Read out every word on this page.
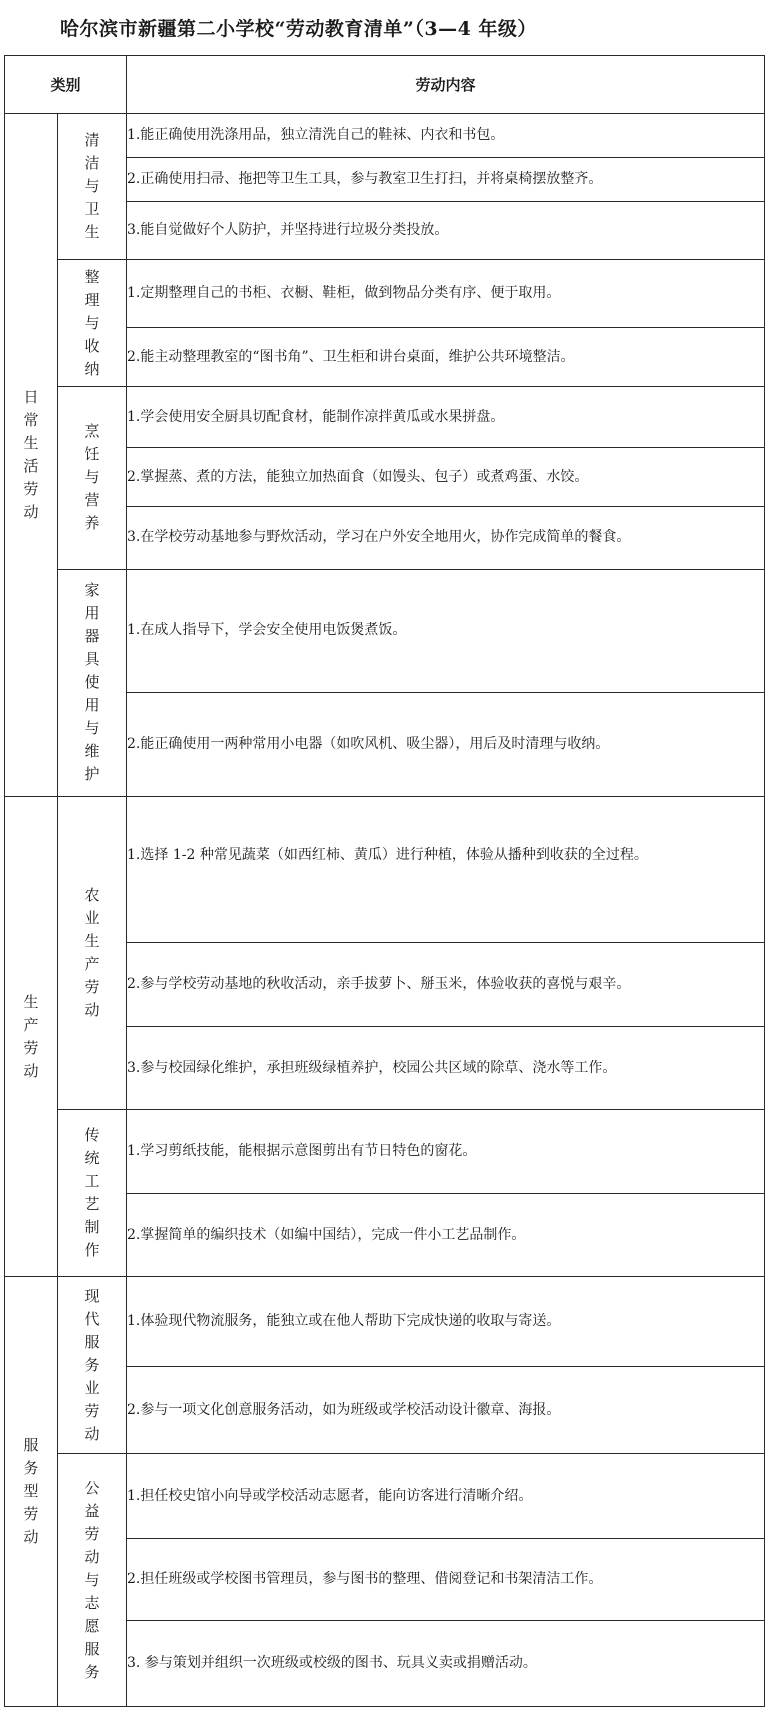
哈尔滨市新疆第二小学校“劳动教育清单”（3—4 年级）
类别		劳动内容
日常生活劳动	清洁与卫生	1.能正确使用洗涤用品，独立清洗自己的鞋袜、内衣和书包。
		2.正确使用扫帚、拖把等卫生工具，参与教室卫生打扫，并将桌椅摆放整齐。
		3.能自觉做好个人防护，并坚持进行垃圾分类投放。
	整理与收纳	1.定期整理自己的书柜、衣橱、鞋柜，做到物品分类有序、便于取用。
		2.能主动整理教室的“图书角”、卫生柜和讲台桌面，维护公共环境整洁。
	烹饪与营养	1.学会使用安全厨具切配食材，能制作凉拌黄瓜或水果拼盘。
		2.掌握蒸、煮的方法，能独立加热面食（如馒头、包子）或煮鸡蛋、水饺。
		3.在学校劳动基地参与野炊活动，学习在户外安全地用火，协作完成简单的餐食。
	家用器具使用与维护	1.在成人指导下，学会安全使用电饭煲煮饭。
		2.能正确使用一两种常用小电器（如吹风机、吸尘器），用后及时清理与收纳。
生产劳动	农业生产劳动	1.选择 1-2 种常见蔬菜（如西红柿、黄瓜）进行种植，体验从播种到收获的全过程。
		2.参与学校劳动基地的秋收活动，亲手拔萝卜、掰玉米，体验收获的喜悦与艰辛。
		3.参与校园绿化维护，承担班级绿植养护，校园公共区域的除草、浇水等工作。
	传统工艺制作	1.学习剪纸技能，能根据示意图剪出有节日特色的窗花。
		2.掌握简单的编织技术（如编中国结），完成一件小工艺品制作。
服务型劳动	现代服务业劳动	1.体验现代物流服务，能独立或在他人帮助下完成快递的收取与寄送。
		2.参与一项文化创意服务活动，如为班级或学校活动设计徽章、海报。
	公益劳动与志愿服务	1.担任校史馆小向导或学校活动志愿者，能向访客进行清晰介绍。
		2.担任班级或学校图书管理员，参与图书的整理、借阅登记和书架清洁工作。
		3. 参与策划并组织一次班级或校级的图书、玩具义卖或捐赠活动。
